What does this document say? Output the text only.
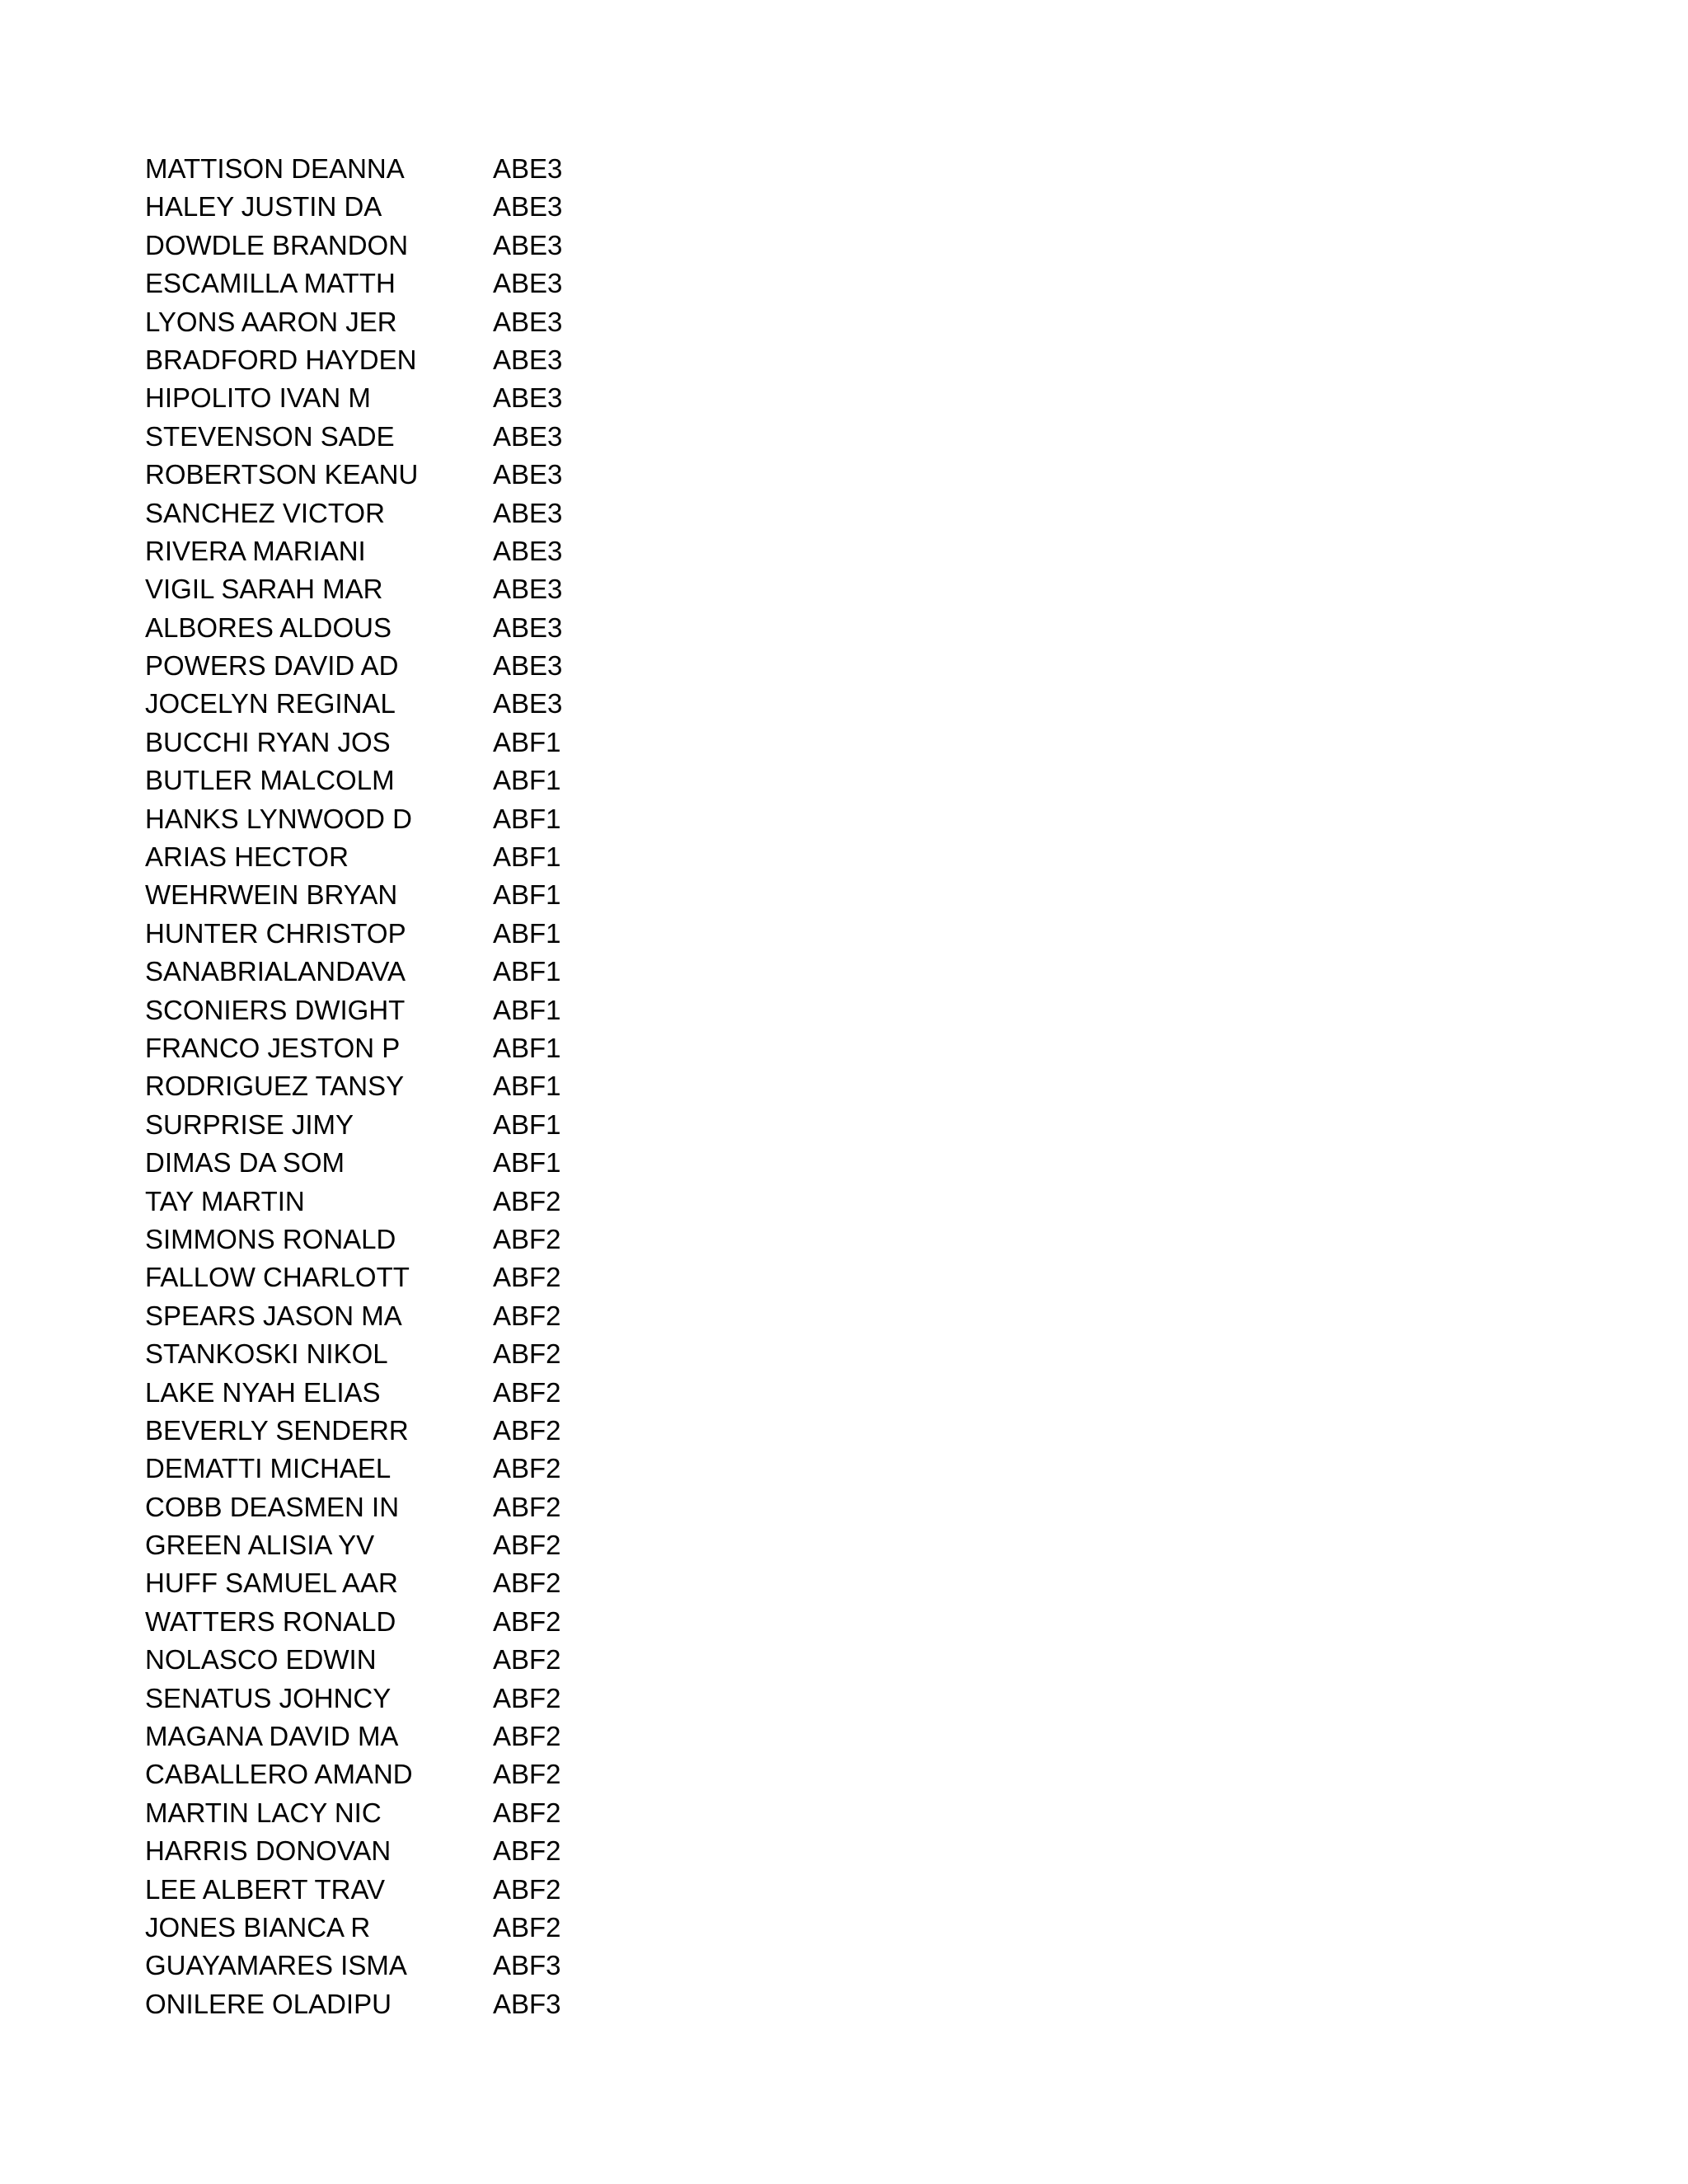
MATTISON DEANNA	ABE3
HALEY JUSTIN DA	ABE3
DOWDLE BRANDON	ABE3
ESCAMILLA MATTH	ABE3
LYONS AARON JER	ABE3
BRADFORD HAYDEN	ABE3
HIPOLITO IVAN M	ABE3
STEVENSON SADE	ABE3
ROBERTSON KEANU	ABE3
SANCHEZ VICTOR	ABE3
RIVERA MARIANI	ABE3
VIGIL SARAH MAR	ABE3
ALBORES ALDOUS	ABE3
POWERS DAVID AD	ABE3
JOCELYN REGINAL	ABE3
BUCCHI RYAN JOS	ABF1
BUTLER MALCOLM	ABF1
HANKS LYNWOOD D	ABF1
ARIAS HECTOR	ABF1
WEHRWEIN BRYAN	ABF1
HUNTER CHRISTOP	ABF1
SANABRIALANDAVA	ABF1
SCONIERS DWIGHT	ABF1
FRANCO JESTON P	ABF1
RODRIGUEZ TANSY	ABF1
SURPRISE JIMY	ABF1
DIMAS DA SOM	ABF1
TAY MARTIN	ABF2
SIMMONS RONALD	ABF2
FALLOW CHARLOTT	ABF2
SPEARS JASON MA	ABF2
STANKOSKI NIKOL	ABF2
LAKE NYAH ELIAS	ABF2
BEVERLY SENDERR	ABF2
DEMATTI MICHAEL	ABF2
COBB DEASMEN IN	ABF2
GREEN ALISIA YV	ABF2
HUFF SAMUEL AAR	ABF2
WATTERS RONALD	ABF2
NOLASCO EDWIN	ABF2
SENATUS JOHNCY	ABF2
MAGANA DAVID MA	ABF2
CABALLERO AMAND	ABF2
MARTIN LACY NIC	ABF2
HARRIS DONOVAN	ABF2
LEE ALBERT TRAV	ABF2
JONES BIANCA R	ABF2
GUAYAMARES ISMA	ABF3
ONILERE OLADIPU	ABF3
